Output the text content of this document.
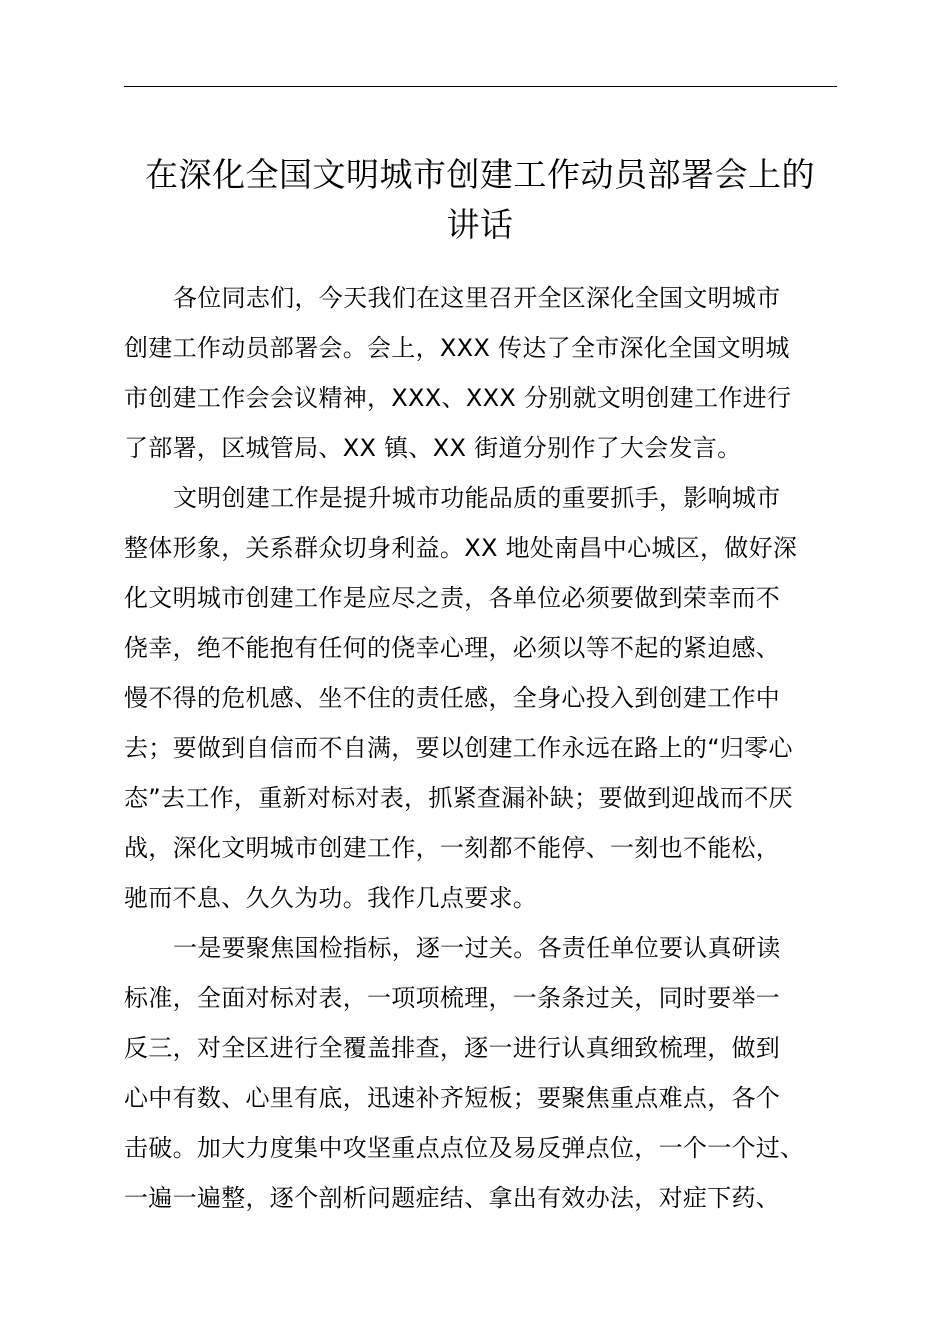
在深化全国文明城市创建工作动员部署会上的
讲话
各位同志们，今天我们在这里召开全区深化全国文明城市
创建工作动员部署会。会上，XXX 传达了全市深化全国文明城
市创建工作会会议精神，XXX、XXX 分别就文明创建工作进行
了部署，区城管局、XX 镇、XX 街道分别作了大会发言。
文明创建工作是提升城市功能品质的重要抓手，影响城市
整体形象，关系群众切身利益。XX 地处南昌中心城区，做好深
化文明城市创建工作是应尽之责，各单位必须要做到荣幸而不
侥幸，绝不能抱有任何的侥幸心理，必须以等不起的紧迫感、
慢不得的危机感、坐不住的责任感，全身心投入到创建工作中
去；要做到自信而不自满，要以创建工作永远在路上的“归零心
态”去工作，重新对标对表，抓紧查漏补缺；要做到迎战而不厌
战，深化文明城市创建工作，一刻都不能停、一刻也不能松，
驰而不息、久久为功。我作几点要求。
一是要聚焦国检指标，逐一过关。各责任单位要认真研读
标准，全面对标对表，一项项梳理，一条条过关，同时要举一
反三，对全区进行全覆盖排查，逐一进行认真细致梳理，做到
心中有数、心里有底，迅速补齐短板；要聚焦重点难点，各个
击破。加大力度集中攻坚重点点位及易反弹点位，一个一个过、
一遍一遍整，逐个剖析问题症结、拿出有效办法，对症下药、
